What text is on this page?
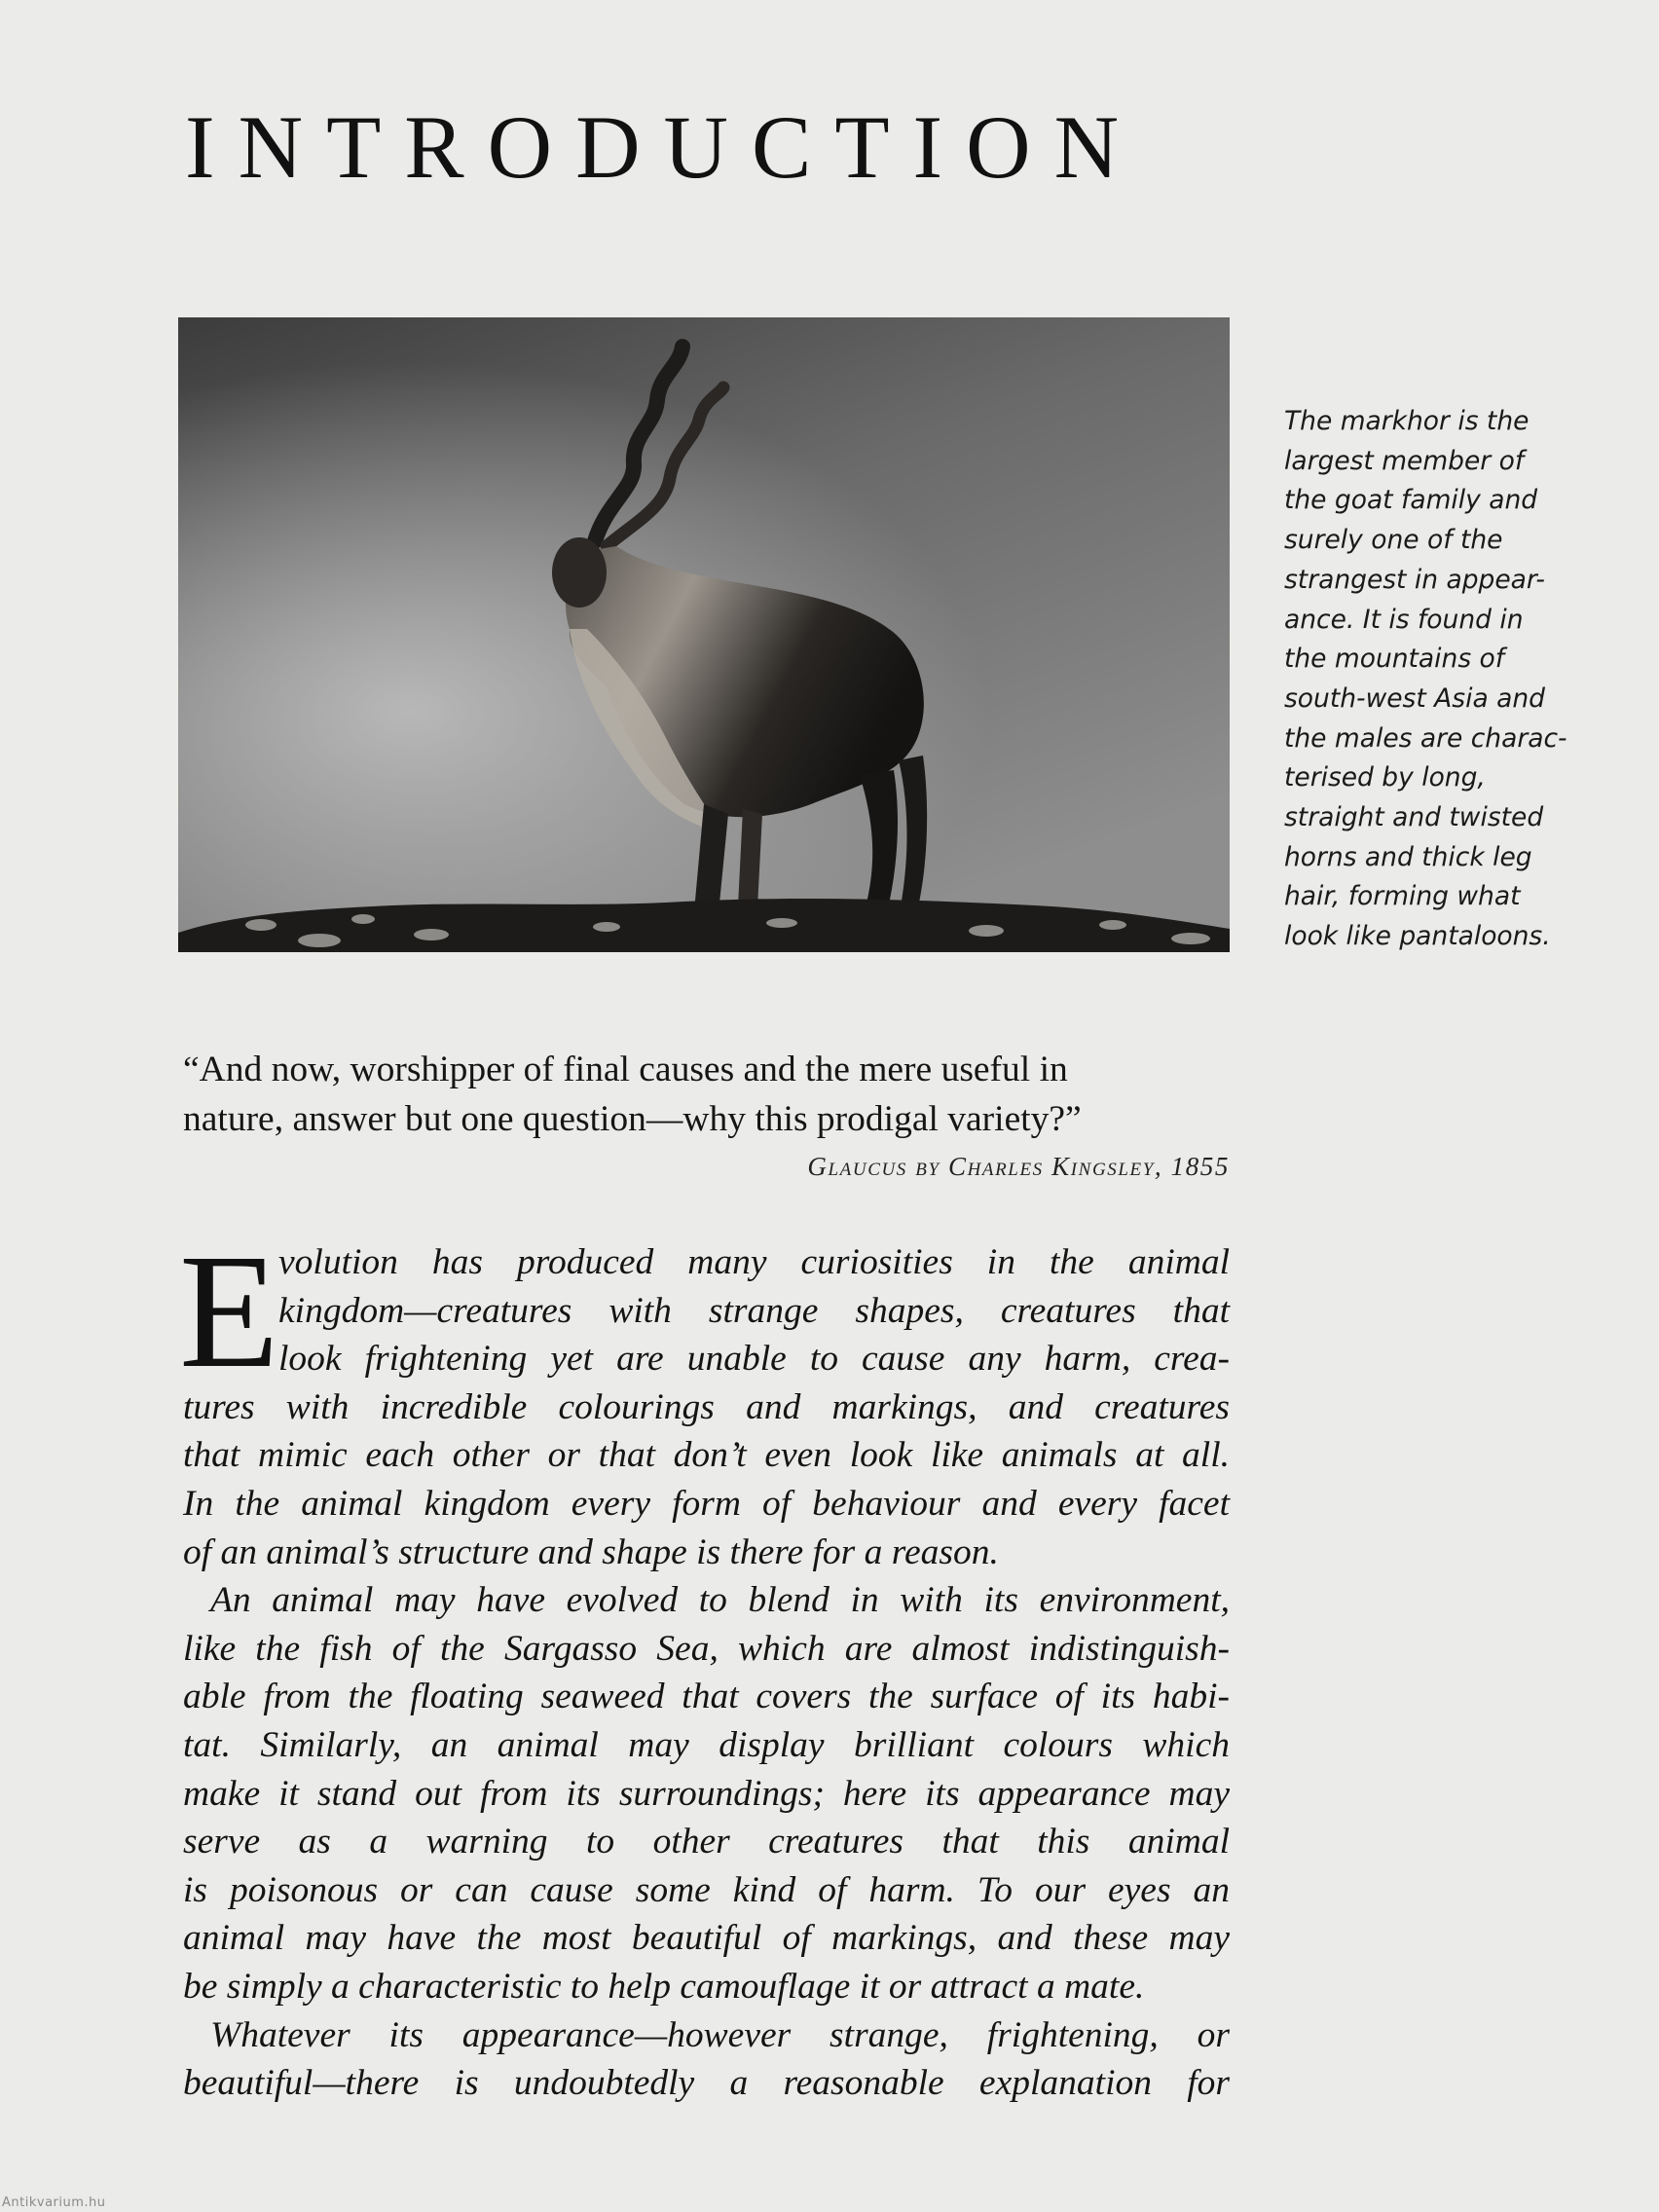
INTRODUCTION

The markhor is the
largest member of
the goat family and
surely one of the
strangest in appear-
ance. It is found in
the mountains of
south-west Asia and
the males are charac-
terised by long,
straight and twisted
horns and thick leg
hair, forming what
look like pantaloons.

“And now, worshipper of final causes and the mere useful in
nature, answer but one question—why this prodigal variety?”
Glaucus by Charles Kingsley, 1855
E volution has produced many curiosities in the animal
kingdom—creatures with strange shapes, creatures that
look frightening yet are unable to cause any harm, crea-
tures with incredible colourings and markings, and creatures
that mimic each other or that don’t even look like animals at all.
In the animal kingdom every form of behaviour and every facet
of an animal’s structure and shape is there for a reason.
An animal may have evolved to blend in with its environment,
like the fish of the Sargasso Sea, which are almost indistinguish-
able from the floating seaweed that covers the surface of its habi-
tat. Similarly, an animal may display brilliant colours which
make it stand out from its surroundings; here its appearance may
serve as a warning to other creatures that this animal
is poisonous or can cause some kind of harm. To our eyes an
animal may have the most beautiful of markings, and these may
be simply a characteristic to help camouflage it or attract a mate.
Whatever its appearance—however strange, frightening, or
beautiful—there is undoubtedly a reasonable explanation for
Antikvarium.hu
